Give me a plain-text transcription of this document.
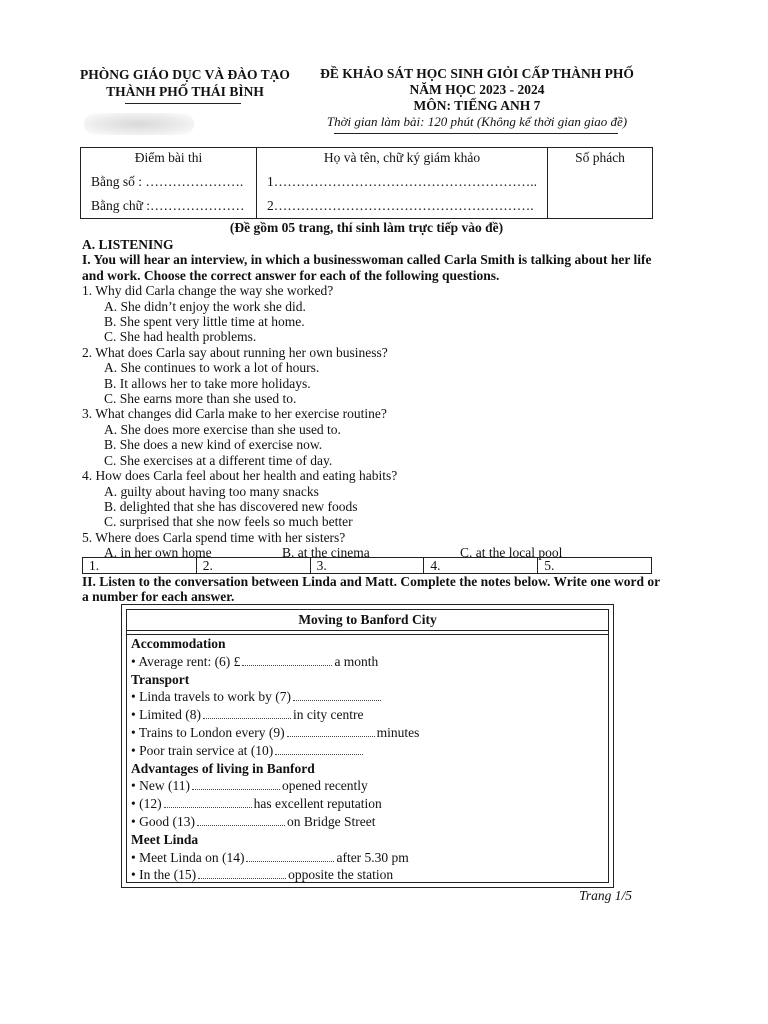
PHÒNG GIÁO DỤC VÀ ĐÀO TẠO
THÀNH PHỐ THÁI BÌNH
ĐỀ KHẢO SÁT HỌC SINH GIỎI CẤP THÀNH PHỐ
NĂM HỌC 2023 - 2024
MÔN: TIẾNG ANH 7
Thời gian làm bài: 120 phút (Không kể thời gian giao đề)
Điểm bài thi
Bằng số : ………………….
Bằng chữ :…………………

Họ và tên, chữ ký giám khảo
1…………………………………………………..
2………………………………………………….

Số phách
(Đề gồm 05 trang, thí sinh làm trực tiếp vào đề)
A. LISTENING
I. You will hear an interview, in which a businesswoman called Carla Smith is talking about her life and work. Choose the correct answer for each of the following questions.
1. Why did Carla change the way she worked?
A. She didn’t enjoy the work she did.
B. She spent very little time at home.
C. She had health problems.
2. What does Carla say about running her own business?
A. She continues to work a lot of hours.
B. It allows her to take more holidays.
C. She earns more than she used to.
3. What changes did Carla make to her exercise routine?
A. She does more exercise than she used to.
B. She does a new kind of exercise now.
C. She exercises at a different time of day.
4. How does Carla feel about her health and eating habits?
A. guilty about having too many snacks
B. delighted that she has discovered new foods
C. surprised that she now feels so much better
5. Where does Carla spend time with her sisters?
A. in her own home	B. at the cinema	C. at the local pool
1.	2.	3.	4.	5.
II. Listen to the conversation between Linda and Matt. Complete the notes below. Write one word or a number for each answer.
Moving to Banford City
Accommodation
• Average rent: (6) £	a month
Transport
• Linda travels to work by (7)
• Limited (8)	in city centre
• Trains to London every (9)	minutes
• Poor train service at (10)
Advantages of living in Banford
• New (11)	opened recently
• (12)	has excellent reputation
• Good (13)	on Bridge Street
Meet Linda
• Meet Linda on (14)	after 5.30 pm
• In the (15)	opposite the station
Trang 1/5
